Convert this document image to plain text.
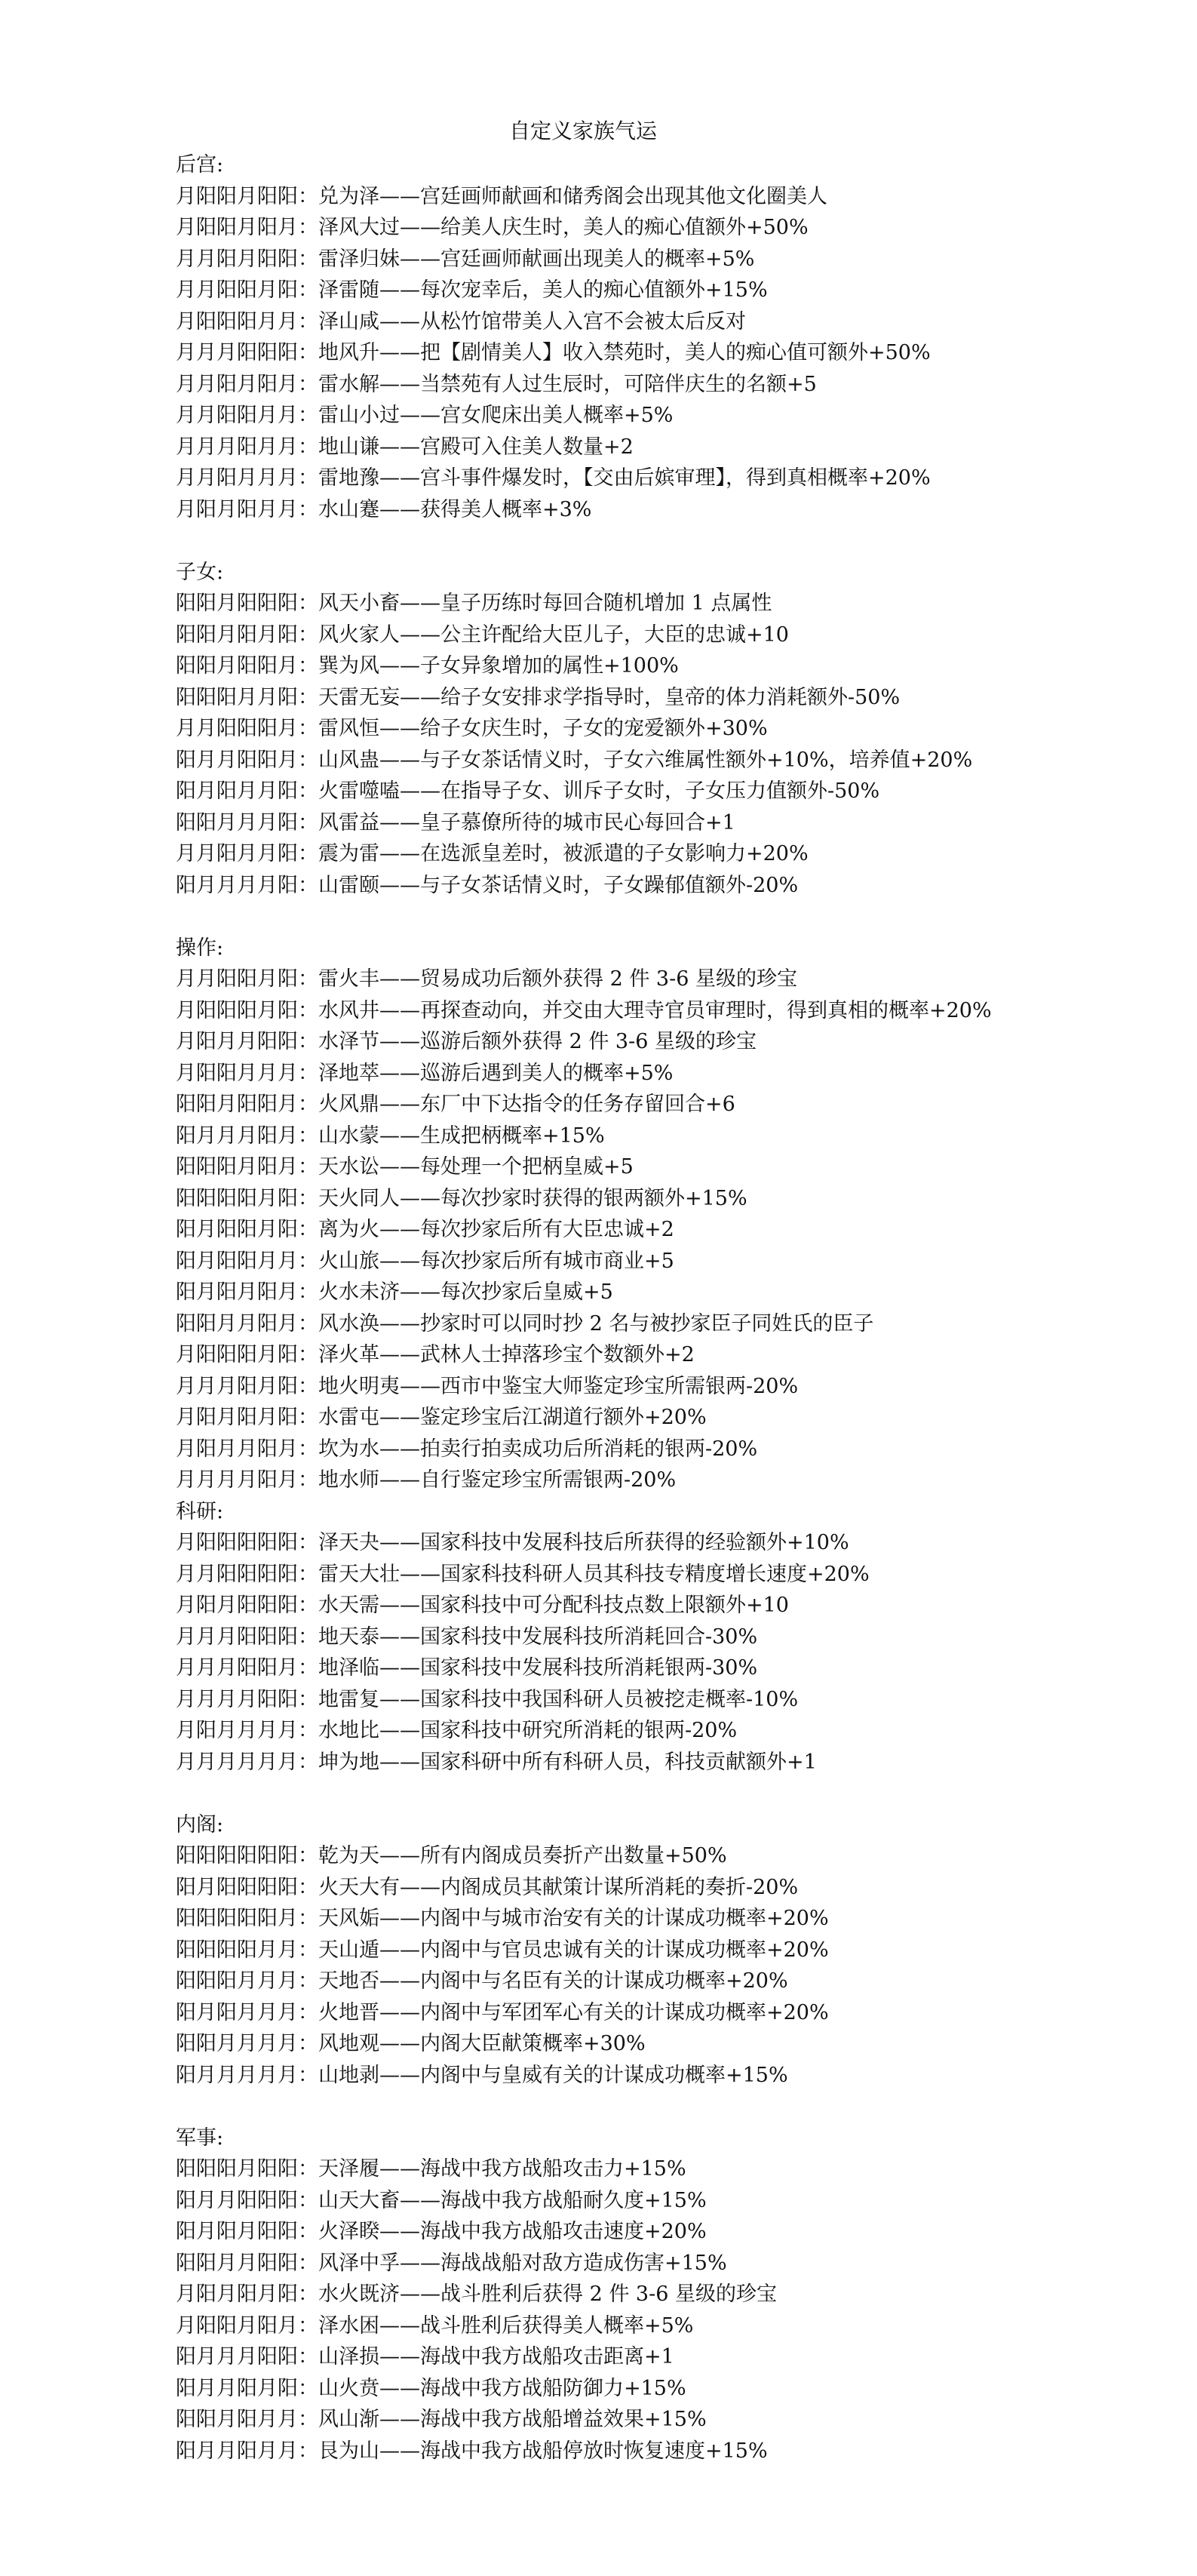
自定义家族气运
后宫:
月阳阳月阳阳：兑为泽——宫廷画师献画和储秀阁会出现其他文化圈美人
月阳阳月阳月：泽风大过——给美人庆生时，美人的痴心值额外+50%
月月阳月阳阳：雷泽归妹——宫廷画师献画出现美人的概率+5%
月月阳阳月阳：泽雷随——每次宠幸后，美人的痴心值额外+15%
月阳阳阳月月：泽山咸——从松竹馆带美人入宫不会被太后反对
月月月阳阳阳：地风升——把【剧情美人】收入禁苑时，美人的痴心值可额外+50%
月月阳月阳月：雷水解——当禁苑有人过生辰时，可陪伴庆生的名额+5
月月阳阳月月：雷山小过——宫女爬床出美人概率+5%
月月月阳月月：地山谦——宫殿可入住美人数量+2
月月阳月月月：雷地豫——宫斗事件爆发时，【交由后嫔审理】，得到真相概率+20%
月阳月阳月月：水山蹇——获得美人概率+3%
子女:
阳阳月阳阳阳：风天小畜——皇子历练时每回合随机增加 1 点属性
阳阳月阳月阳：风火家人——公主许配给大臣儿子，大臣的忠诚+10
阳阳月阳阳月：巽为风——子女异象增加的属性+100%
阳阳阳月月阳：天雷无妄——给子女安排求学指导时，皇帝的体力消耗额外-50%
月月阳阳阳月：雷风恒——给子女庆生时，子女的宠爱额外+30%
阳月月阳阳月：山风蛊——与子女茶话情义时，子女六维属性额外+10%，培养值+20%
阳月阳月月阳：火雷噬嗑——在指导子女、训斥子女时，子女压力值额外-50%
阳阳月月月阳：风雷益——皇子慕僚所待的城市民心每回合+1
月月阳月月阳：震为雷——在选派皇差时，被派遣的子女影响力+20%
阳月月月月阳：山雷颐——与子女茶话情义时，子女躁郁值额外-20%
操作:
月月阳阳月阳：雷火丰——贸易成功后额外获得 2 件 3-6 星级的珍宝
月阳阳阳月阳：水风井——再探查动向，并交由大理寺官员审理时，得到真相的概率+20%
月阳月月阳阳：水泽节——巡游后额外获得 2 件 3-6 星级的珍宝
月阳阳月月月：泽地萃——巡游后遇到美人的概率+5%
阳阳月阳阳月：火风鼎——东厂中下达指令的任务存留回合+6
阳月月月阳月：山水蒙——生成把柄概率+15%
阳阳阳月阳月：天水讼——每处理一个把柄皇威+5
阳阳阳阳月阳：天火同人——每次抄家时获得的银两额外+15%
阳月阳阳月阳：离为火——每次抄家后所有大臣忠诚+2
阳月阳阳月月：火山旅——每次抄家后所有城市商业+5
阳月阳月阳月：火水未济——每次抄家后皇威+5
阳阳月月阳月：风水涣——抄家时可以同时抄 2 名与被抄家臣子同姓氏的臣子
月阳阳阳月阳：泽火革——武林人士掉落珍宝个数额外+2
月月月阳月阳：地火明夷——西市中鉴宝大师鉴定珍宝所需银两-20%
月阳月阳月阳：水雷屯——鉴定珍宝后江湖道行额外+20%
月阳月月阳月：坎为水——拍卖行拍卖成功后所消耗的银两-20%
月月月月阳月：地水师——自行鉴定珍宝所需银两-20%
科研:
月阳阳阳阳阳：泽天夬——国家科技中发展科技后所获得的经验额外+10%
月月阳阳阳阳：雷天大壮——国家科技科研人员其科技专精度增长速度+20%
月阳月阳阳阳：水天需——国家科技中可分配科技点数上限额外+10
月月月阳阳阳：地天泰——国家科技中发展科技所消耗回合-30%
月月月阳阳月：地泽临——国家科技中发展科技所消耗银两-30%
月月月月阳阳：地雷复——国家科技中我国科研人员被挖走概率-10%
月阳月月月月：水地比——国家科技中研究所消耗的银两-20%
月月月月月月：坤为地——国家科研中所有科研人员，科技贡献额外+1
内阁:
阳阳阳阳阳阳：乾为天——所有内阁成员奏折产出数量+50%
阳月阳阳阳阳：火天大有——内阁成员其献策计谋所消耗的奏折-20%
阳阳阳阳阳月：天风姤——内阁中与城市治安有关的计谋成功概率+20%
阳阳阳阳月月：天山遁——内阁中与官员忠诚有关的计谋成功概率+20%
阳阳阳月月月：天地否——内阁中与名臣有关的计谋成功概率+20%
阳月阳月月月：火地晋——内阁中与军团军心有关的计谋成功概率+20%
阳阳月月月月：风地观——内阁大臣献策概率+30%
阳月月月月月：山地剥——内阁中与皇威有关的计谋成功概率+15%
军事:
阳阳阳月阳阳：天泽履——海战中我方战船攻击力+15%
阳月月阳阳阳：山天大畜——海战中我方战船耐久度+15%
阳月阳月阳阳：火泽睽——海战中我方战船攻击速度+20%
阳阳月月阳阳：风泽中孚——海战战船对敌方造成伤害+15%
月阳月阳月阳：水火既济——战斗胜利后获得 2 件 3-6 星级的珍宝
月阳阳月阳月：泽水困——战斗胜利后获得美人概率+5%
阳月月月阳阳：山泽损——海战中我方战船攻击距离+1
阳月月阳月阳：山火贲——海战中我方战船防御力+15%
阳阳月阳月月：风山渐——海战中我方战船增益效果+15%
阳月月阳月月：艮为山——海战中我方战船停放时恢复速度+15%
